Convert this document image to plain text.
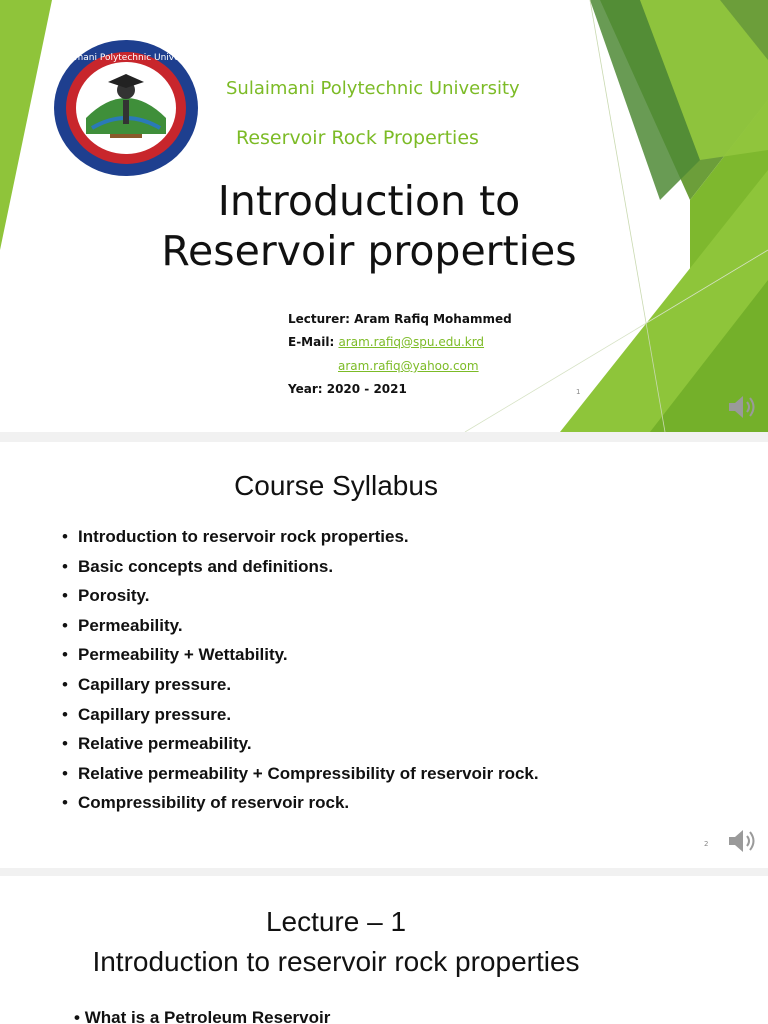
Sulaimani Polytechnic University
Sulaimani Polytechnic University
Reservoir Rock Properties
Introduction to
Reservoir properties
Lecturer: Aram Rafiq Mohammed
E-Mail: aram.rafiq@spu.edu.krd
aram.rafiq@yahoo.com
Year: 2020 - 2021	1
Course Syllabus
• Introduction to reservoir rock properties.
• Basic concepts and definitions.
• Porosity.
• Permeability.
• Permeability + Wettability.
• Capillary pressure.
• Capillary pressure.
• Relative permeability.
• Relative permeability + Compressibility of reservoir rock.
• Compressibility of reservoir rock.
2
Lecture – 1
Introduction to reservoir rock properties
• What is a Petroleum Reservoir
